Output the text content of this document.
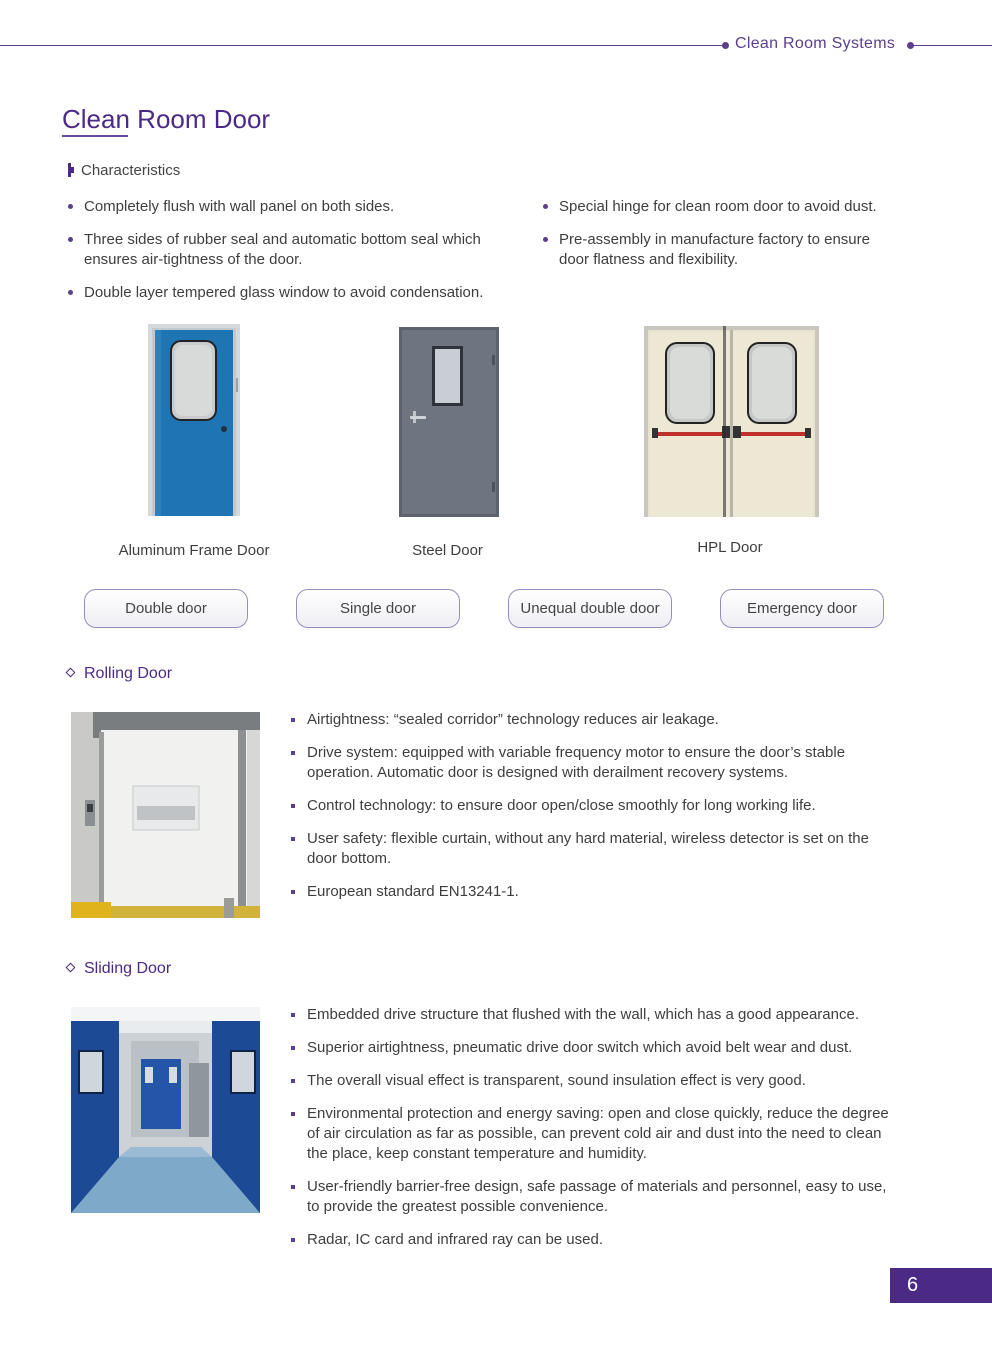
Clean Room Systems
Clean Room Door
Characteristics
Completely flush with wall panel on both sides.
Three sides of rubber seal and automatic bottom seal which ensures air-tightness of the door.
Double layer tempered glass window to avoid condensation.
Special hinge for clean room door to avoid dust.
Pre-assembly in manufacture factory to ensure door flatness and flexibility.
Aluminum Frame Door	Steel Door	HPL Door
Double door	Single door	Unequal double door	Emergency door
Rolling Door
Airtightness: “sealed corridor” technology reduces air leakage.
Drive system: equipped with variable frequency motor to ensure the door’s stable operation. Automatic door is designed with derailment recovery systems.
Control technology: to ensure door open/close smoothly for long working life.
User safety: flexible curtain, without any hard material, wireless detector is set on the door bottom.
European standard EN13241-1.
Sliding Door
Embedded drive structure that flushed with the wall, which has a good appearance.
Superior airtightness, pneumatic drive door switch which avoid belt wear and dust.
The overall visual effect is transparent, sound insulation effect is very good.
Environmental protection and energy saving: open and close quickly, reduce the degree of air circulation as far as possible, can prevent cold air and dust into the need to clean the place, keep constant temperature and humidity.
User-friendly barrier-free design, safe passage of materials and personnel, easy to use, to provide the greatest possible convenience.
Radar, IC card and infrared ray can be used.
6
